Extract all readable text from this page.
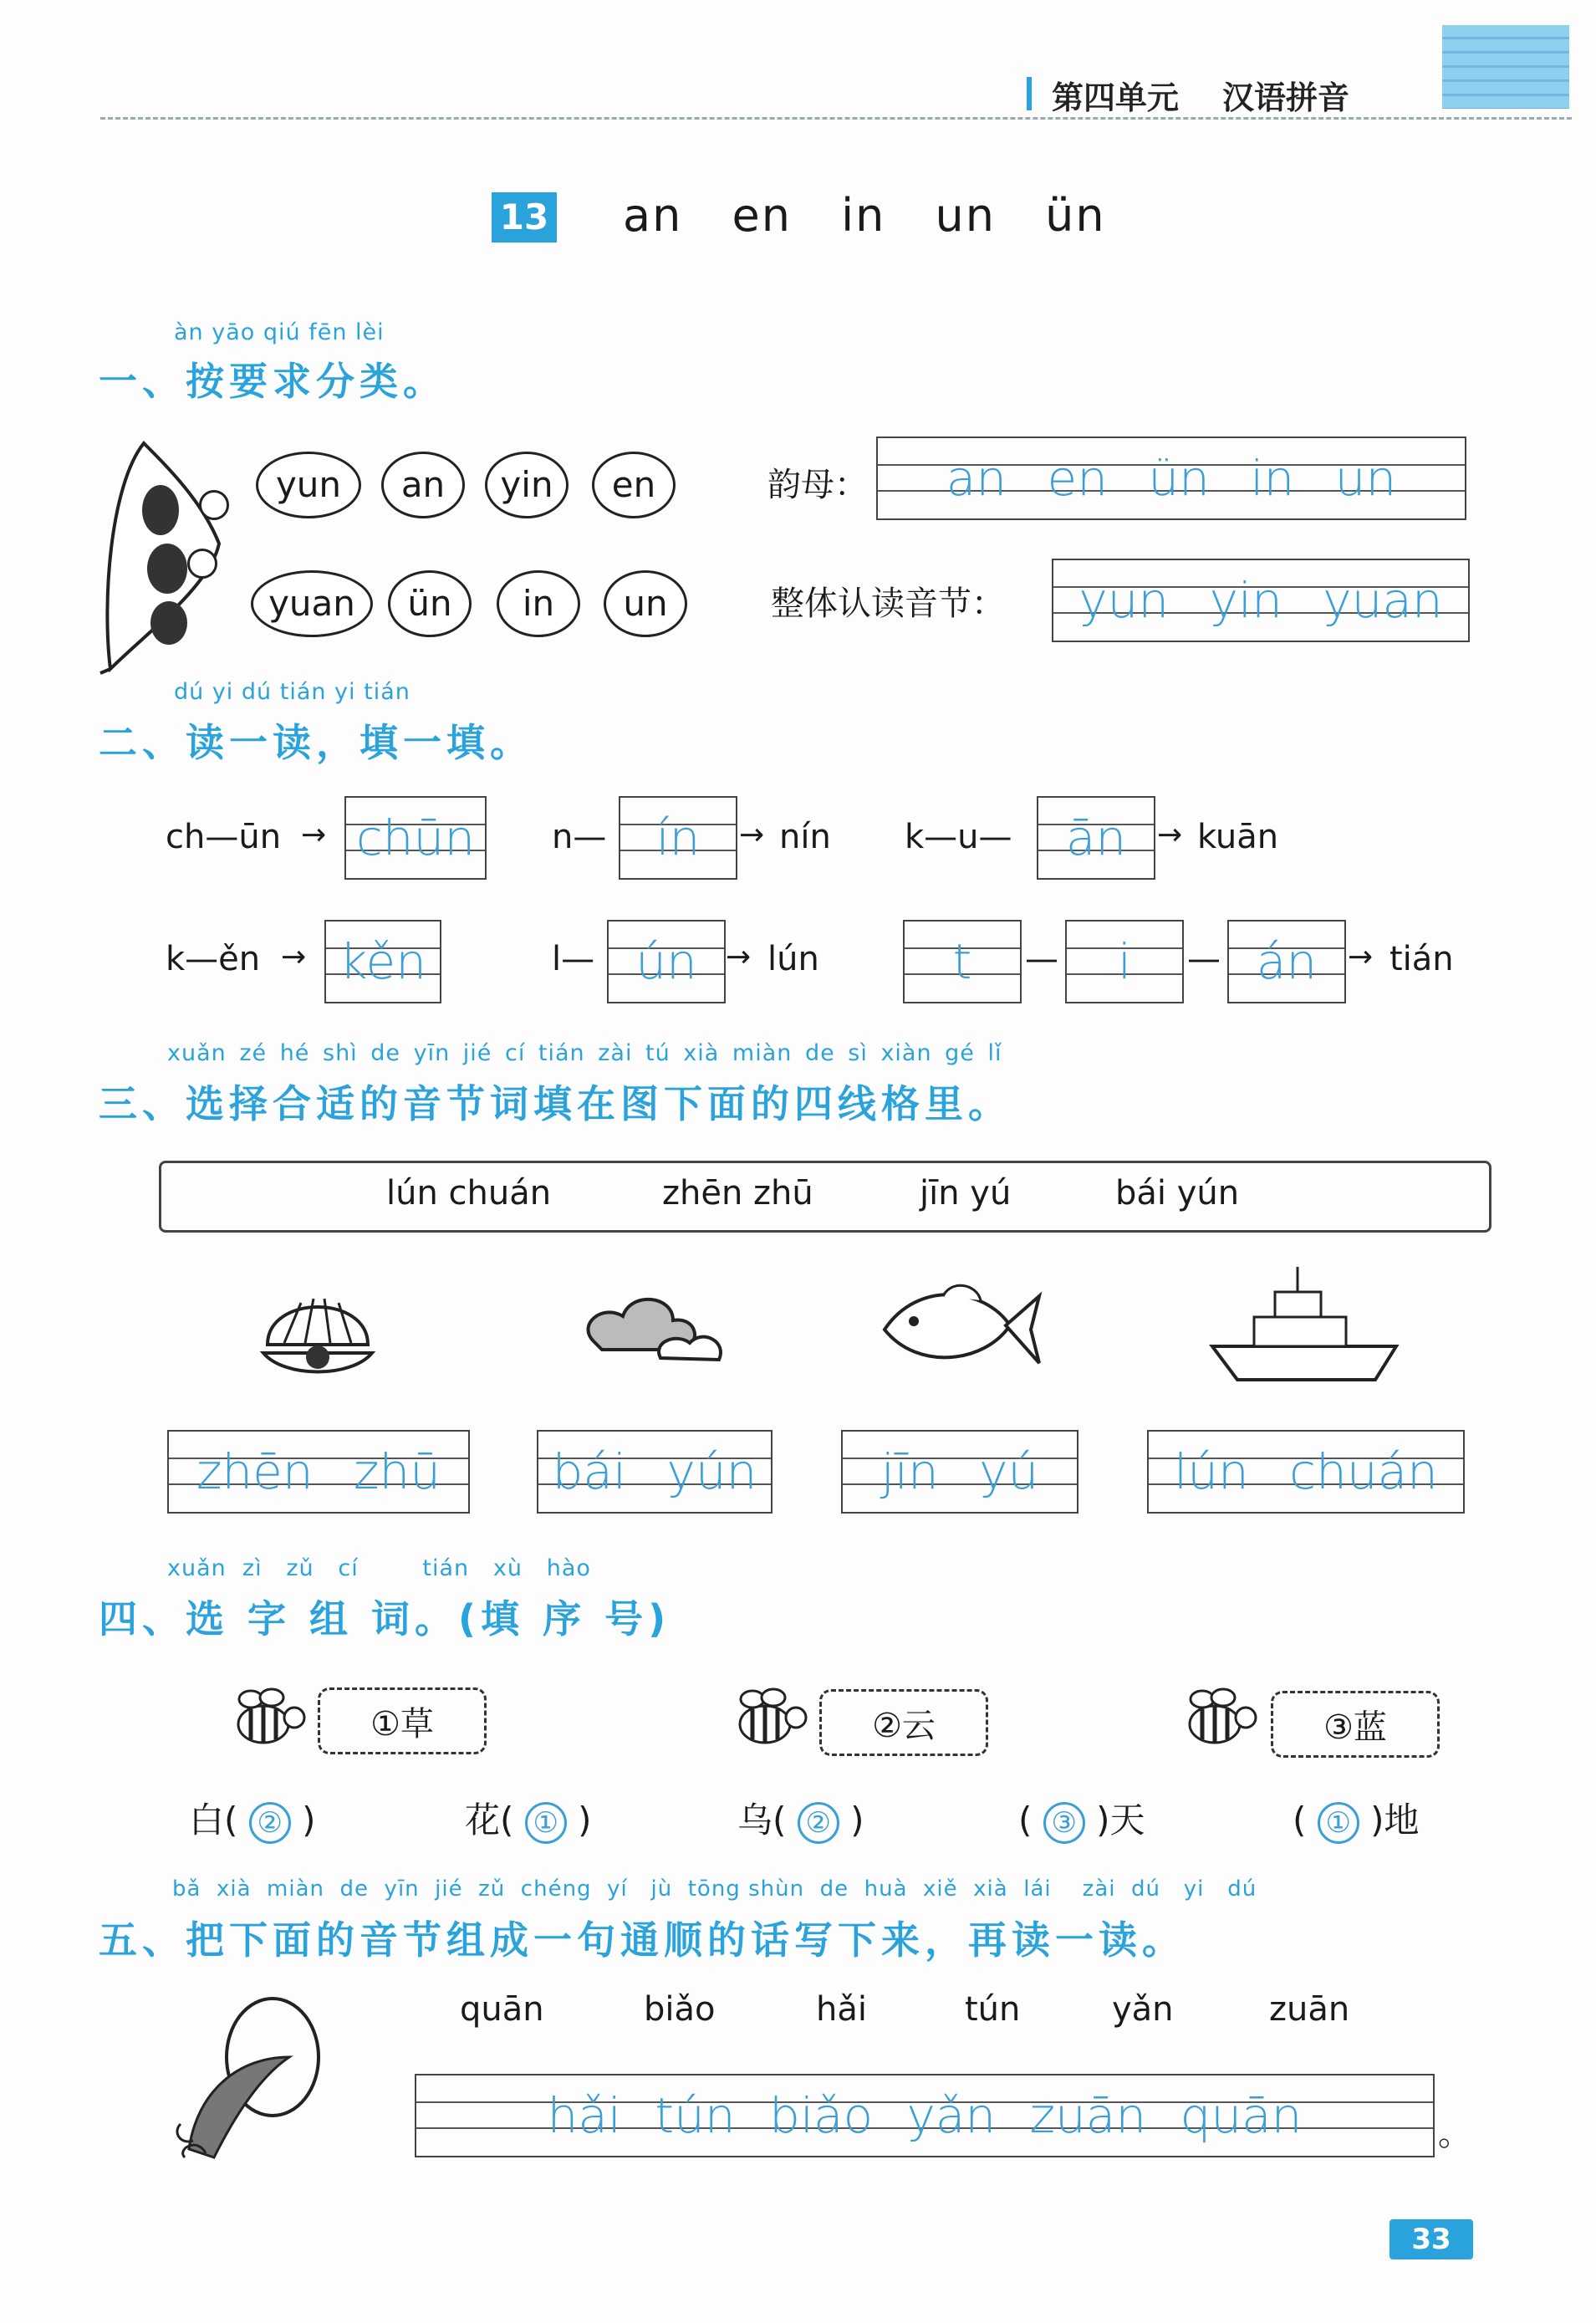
第四单元 汉语拼音
13 an en in un ün
àn yāo qiú fēn lèi
一、按要求分类。
yun	an	yin	en
yuan	ün	in	un
韵母：	an en ün in un
整体认读音节：	yun yin yuan
dú yi dú tián yi tián
二、读一读，填一填。
ch—ūn → chūn n—	ín	→ nín k—u—	ān	→ kuān
k—ěn → kěn	l— ún → lún	t	—	i	— án	→ tián
xuǎn zé hé shì de yīn jié cí tián zài tú xià miàn de sì xiàn gé lǐ
三、选择合适的音节词填在图下面的四线格里。
lún chuán	zhēn zhū	jīn yú	bái yún
zhēn zhū	bái yún	jīn yú	lún chuán
xuǎn  zì   zǔ   cí        tián   xù   hào
四、选 字 组 词。(填 序 号)
①草	②云	③蓝
白( ② )	花( ① )	乌( ② )	( ③ )天	( ① )地
bǎ  xià  miàn  de  yīn  jié  zǔ  chéng  yí   jù  tōng shùn  de  huà  xiě  xià  lái    zài  dú   yi   dú
五、把下面的音节组成一句通顺的话写下来，再读一读。
quān	biǎo	hǎi	tún	yǎn	zuān
hǎi tún biǎo yǎn zuān quān	。
33
